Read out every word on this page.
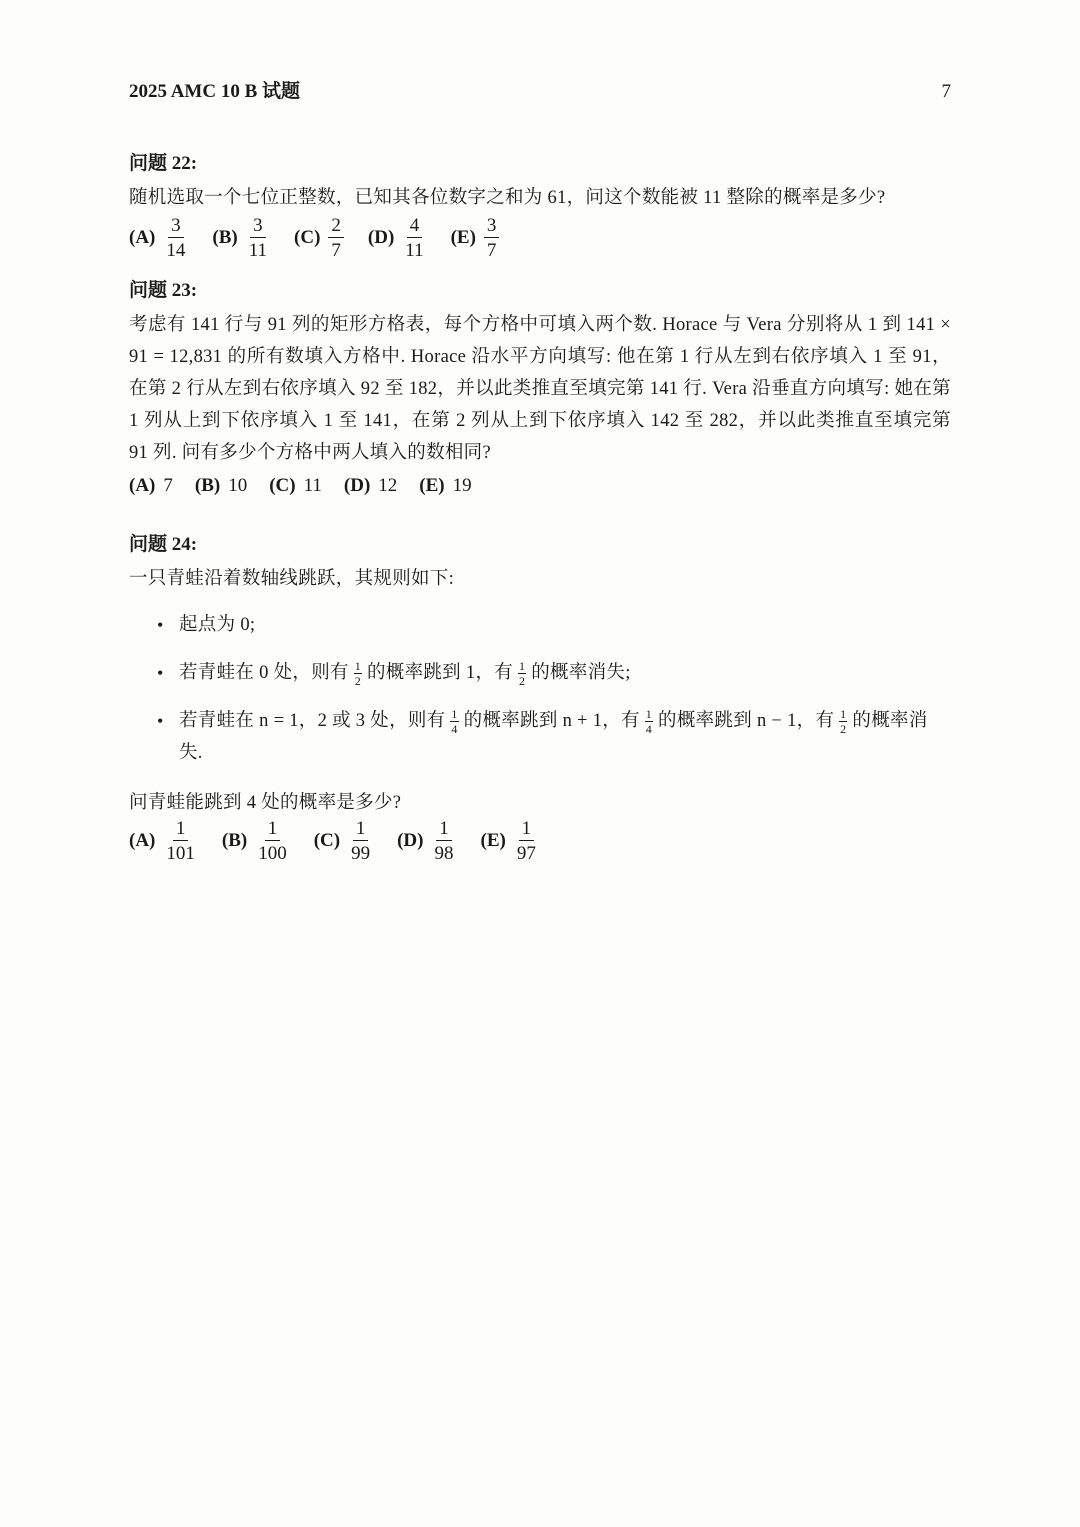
2025 AMC 10 B 试题	7

问题 22:

随机选取一个七位正整数，已知其各位数字之和为 61，问这个数能被 11 整除的概率是多少?

$(A) \frac{3}{14} (B) \frac{3}{11} (C) \frac{2}{7} (D) \frac{4}{11} (E) \frac{3}{7}$

问题 23:

考虑有 141 行与 91 列的矩形方格表，每个方格中可填入两个数. Horace 与 Vera 分别将从 1 到 141 × 91 = 12,831 的所有数填入方格中. Horace 沿水平方向填写: 他在第 1 行从左到右依序填入 1 至 91，在第 2 行从左到右依序填入 92 至 182，并以此类推直至填完第 141 行. Vera 沿垂直方向填写: 她在第 1 列从上到下依序填入 1 至 141，在第 2 列从上到下依序填入 142 至 282，并以此类推直至填完第 91 列. 问有多少个方格中两人填入的数相同?

(A) 7 (B) 10 (C) 11 (D) 12 (E) 19

问题 24:

一只青蛙沿着数轴线跳跃，其规则如下:

• 起点为 0;
• 若青蛙在 0 处，则有 $\frac{1}{2}$ 的概率跳到 1，有 $\frac{1}{2}$ 的概率消失;
• 若青蛙在 n = 1，2 或 3 处，则有 $\frac{1}{4}$ 的概率跳到 n + 1，有 $\frac{1}{4}$ 的概率跳到 n − 1，有 $\frac{1}{2}$ 的概率消失.

问青蛙能跳到 4 处的概率是多少?

$(A) \frac{1}{101} (B) \frac{1}{100} (C) \frac{1}{99} (D) \frac{1}{98} (E) \frac{1}{97}$
